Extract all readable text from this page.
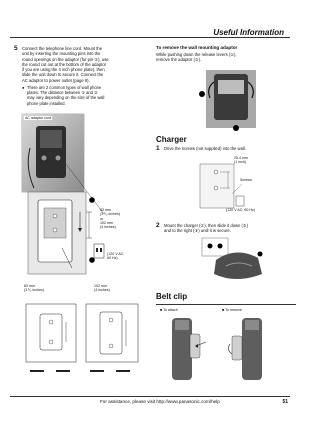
Useful Information
5 Connect the telephone line cord. Mount the
unit by inserting the mounting pins into the
round openings on the adaptor (for pin ②), use
the round cut out at the bottom of the adaptor
if you are using the 4 inch phone plate), then
slide the unit down to secure it. Connect the
AC adaptor to power outlet (page 9).
● There are 2 common types of wall phone
plates. The distance between ① and ②
may vary depending on the size of the wall
phone plate installed.
AC adaptor cord
83 mm
(3 ¹⁄₄ inches)
or
102 mm
(4 inches)
(120 V AC,
60 Hz)
83 mm
(3 ¹⁄₄ inches)
102 mm
(4 inches)
To remove the wall mounting adaptor
While pushing down the release levers (①),
remove the adaptor (②).
Charger
1 Drive the screws (not supplied) into the wall.
25.4 mm
(1 inch)
Screws
(120 V AC, 60 Hz)
2 Mount the charger (①), then slide it down (②)
and to the right (③) until it is secure.
Belt clip
■ To attach	■ To remove
For assistance, please visit http://www.panasonic.com/help	51
